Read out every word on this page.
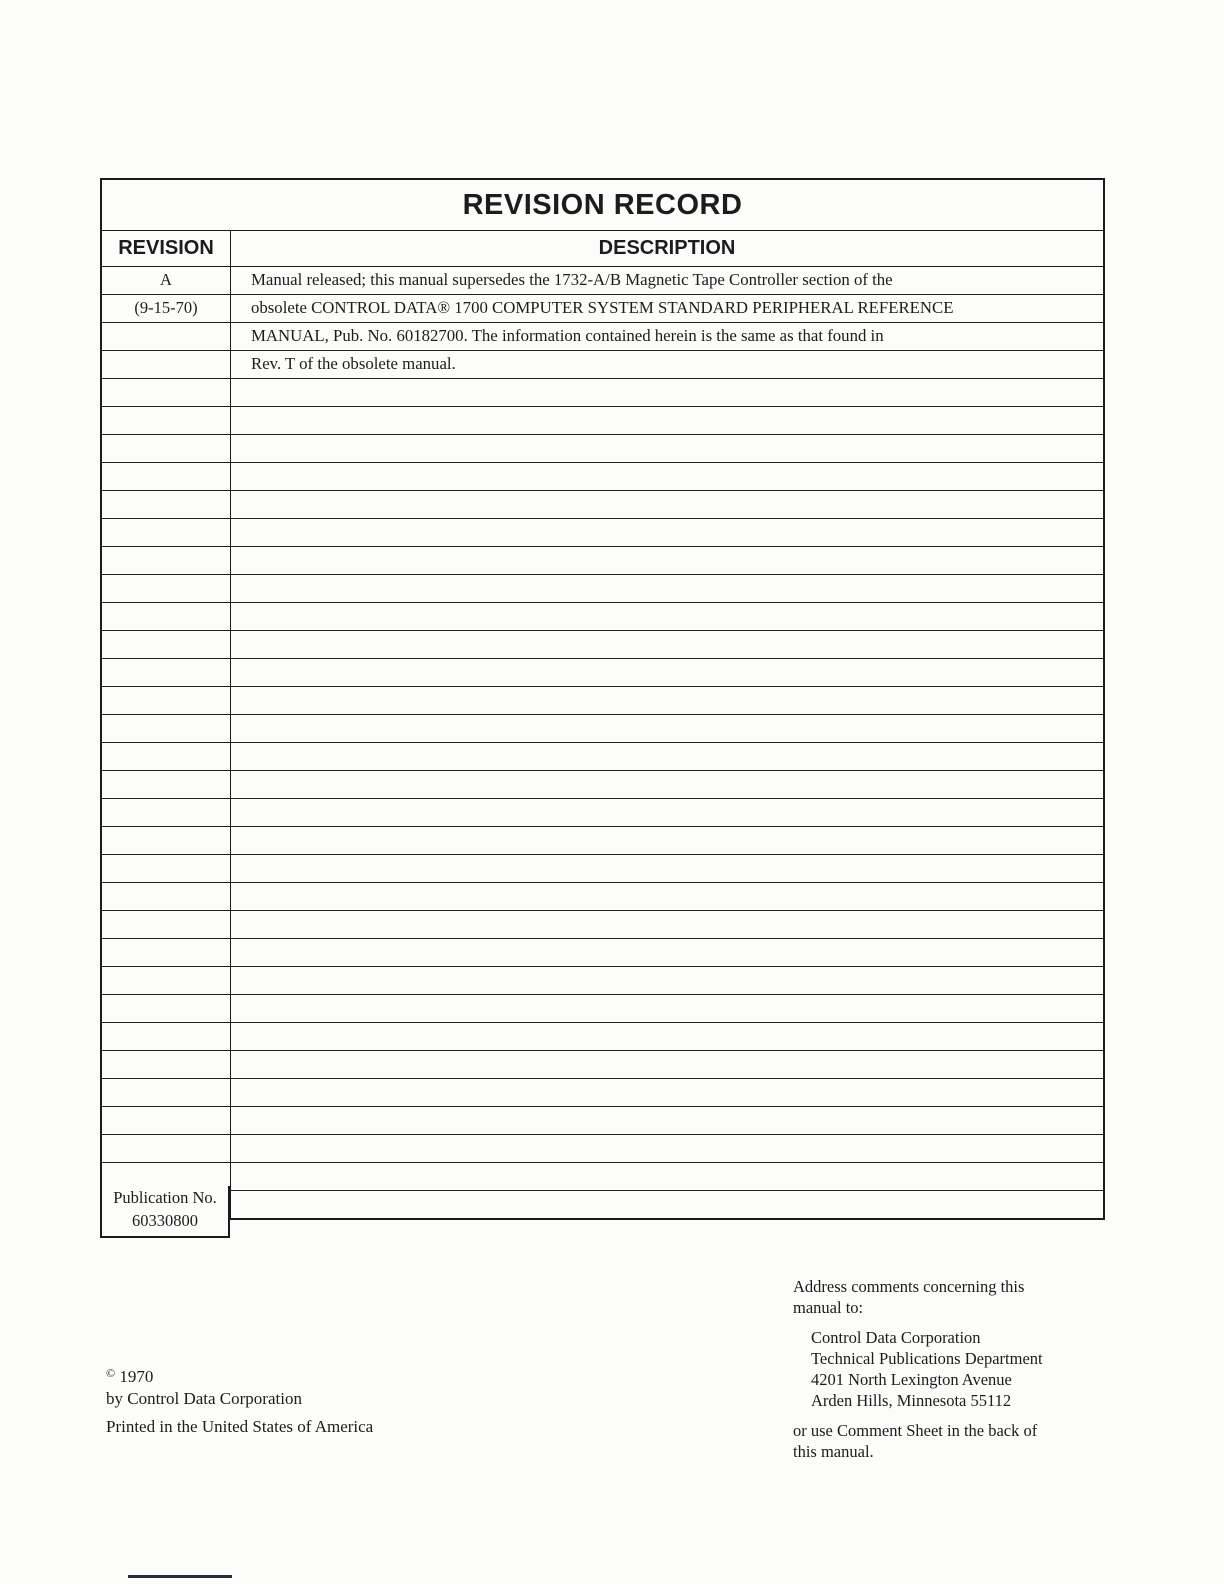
REVISION RECORD
REVISION	DESCRIPTION
A	Manual released; this manual supersedes the 1732-A/B Magnetic Tape Controller section of the
(9-15-70)	obsolete CONTROL DATA® 1700 COMPUTER SYSTEM STANDARD PERIPHERAL REFERENCE
MANUAL, Pub. No. 60182700. The information contained herein is the same as that found in
Rev. T of the obsolete manual.
Publication No.
60330800
© 1970
by Control Data Corporation
Printed in the United States of America
Address comments concerning this
manual to:
Control Data Corporation
Technical Publications Department
4201 North Lexington Avenue
Arden Hills, Minnesota 55112
or use Comment Sheet in the back of
this manual.
